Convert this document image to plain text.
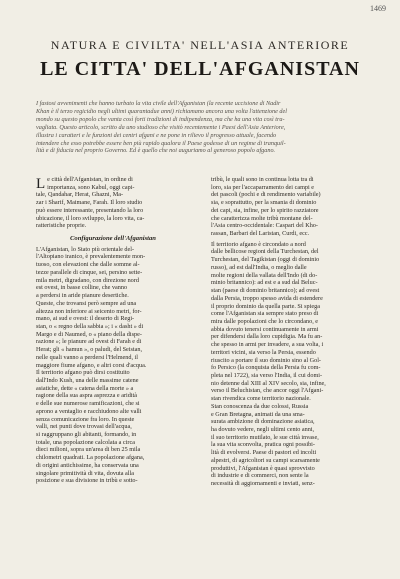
1469
NATURA E CIVILTA' NELL'ASIA ANTERIORE
LE CITTA' DELL'AFGANISTAN
I fastosi avvenimenti che hanno turbato la vita civile dell'Afganistan (la recente uccisione di Nadir
Khan è il terzo regicidio negli ultimi quarantadue anni) richiamano ancora una volta l'attenzione del
mondo su questo popolo che vanta così forti tradizioni di indipendenza, ma che ha una vita così tra-
vagliata. Questo articolo, scritto da uno studioso che visitò recentemente i Paesi dell'Asia Anteriore,
illustra i caratteri e le funzioni dei centri afgani e ne pone in rilievo il progresso attuale, facendo
intendere che esso potrebbe essere ben più rapido qualora il Paese godesse di un regime di tranquil-
lità e di fiducia nel proprio Governo. Ed è quello che noi auguriamo al generoso popolo afgano.
L e città dell'Afganistan, in ordine di
importanza, sono Kabul, oggi capi-
tale, Qandahar, Herat, Ghazni, Ma-
zar i Sharif, Maimane, Farah. Il loro studio
può essere interessante, presentando la loro
ubicazione, il loro sviluppo, la loro vita, ca-
ratteristiche proprie.
Configurazione dell'Afganistan
L'Afganistan, lo Stato più orientale del-
l'Altopiano iranico, è prevalentemente mon-
tuoso, con elevazioni che dalle somme al-
tezze parallele di cinque, sei, persino sette-
mila metri, digradano, con direzione nord
est ovest, in basse colline, che vanno
a perdersi in aride pianure desertiche.
Queste, che trovansi però sempre ad una
altezza non inferiore ai seicento metri, for-
mano, ai sud e ovest: il deserto di Regi-
stan, o « regno della sabbia »; i « dasht » di
Margo e di Naumed, o « piano della dispe-
razione »; le pianure ad ovest di Farah e di
Herat; gli « hamun », o paludi, del Seistan,
nelle quali vanno a perdersi l'Helmend, il
maggiore fiume afgano, e altri corsi d'acqua.
Il territorio afgano può dirsi costituito
dall'Indo Kush, una delle massime catene
asiatiche, dette « catena della morte » a
ragione della sua aspra asprezza e aridità
e delle sue numerose ramificazioni, che si
aprono a ventaglio e racchiudono alte valli
senza comunicazione fra loro. In queste
valli, nei punti dove trovasi dell'acqua,
si raggruppano gli abitanti, formando, in
totale, una popolazione calcolata a circa
dieci milioni, sopra un'area di ben 25 mila
chilometri quadrati. La popolazione afgana,
di origini antichissime, ha conservata una
singolare primitività di vita, dovuta alla
posizione e sua divisione in tribù e sotto-
tribù, le quali sono in continua lotta tra di
loro, sia per l'accaparramento dei campi e
dei pascoli (pochi e di rendimento variabile)
sia, e soprattutto, per la smania di dominio
dei capi, sia, infine, per lo spirito razziatore
che caratterizza molte tribù montane del-
l'Asia centro-occidentale: Caspari del Kho-
rassan, Barbari del Laristan, Curdi, ecc.
Il territorio afgano è circondato a nord
dalle bellicose regioni della Turchestan, del
Turchestan, del Tagikistan (oggi di dominio
russo), ad est dall'India, o meglio dalle
molte regioni della vallata dell'Indo (di do-
minio britannico): ad est e a sud dal Beluc-
stan (paese di dominio britannico); ad ovest
dalla Persia, troppo spesso avida di estendere
il proprio dominio da quella parte. Si spiega
come l'Afganistan sia sempre stato preso di
mira dalle popolazioni che lo circondano, e
abbia dovuto tenersi continuamente in armi
per difendersi dalla loro cupidigia. Ma fu an-
che spesso in armi per invadere, a sua volta, i
territori vicini, sia verso la Persia, essendo
riuscito a portare il suo dominio sino al Gol-
fo Persico (la conquista della Persia fu com-
pleta nel 1722), sia verso l'India, il cui domi-
nio detenne dal XIII al XIV secolo, sia, infine,
verso il Beluchistan, che ancor oggi l'Afgani-
stan rivendica come territorio nazionale.
Stan conoscenza da due colossi, Russia
e Gran Bretagna, animati da una sma-
surata ambizione di dominazione asiatica,
ha dovuto vedere, negli ultimi cento anni,
il suo territorio mutilato, le sue città invase,
la sua vita sconvolta, pratica ogni possibi-
lità di evolversi. Paese di pastori ed incolti
alpestri, di agricoltori su campi scarsamente
produttivi, l'Afganistan è quasi sprovvisto
di industrie e di commerci, non sente la
necessità di aggiornamenti e inviati, senz-
